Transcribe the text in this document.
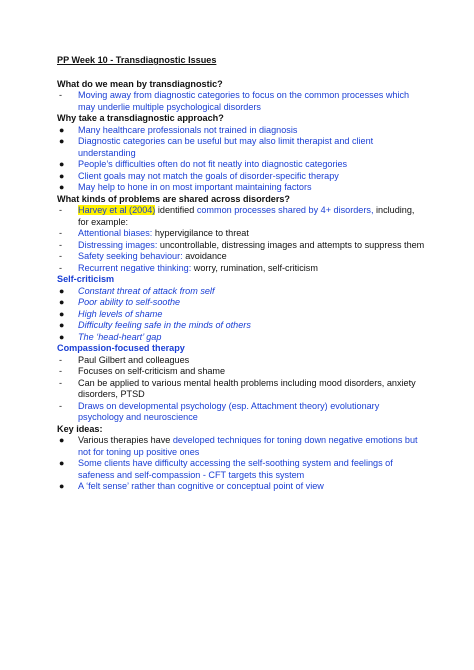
PP Week 10 - Transdiagnostic Issues
What do we mean by transdiagnostic?
-	Moving away from diagnostic categories to focus on the common processes which may underlie multiple psychological disorders
Why take a transdiagnostic approach?
●	Many healthcare professionals not trained in diagnosis
●	Diagnostic categories can be useful but may also limit therapist and client understanding
●	People’s difficulties often do not fit neatly into diagnostic categories
●	Client goals may not match the goals of disorder-specific therapy
●	May help to hone in on most important maintaining factors
What kinds of problems are shared across disorders?
-	Harvey et al (2004) identified common processes shared by 4+ disorders, including, for example:
-	Attentional biases: hypervigilance to threat
-	Distressing images: uncontrollable, distressing images and attempts to suppress them
-	Safety seeking behaviour: avoidance
-	Recurrent negative thinking: worry, rumination, self-criticism
Self-criticism
●	Constant threat of attack from self
●	Poor ability to self-soothe
●	High levels of shame
●	Difficulty feeling safe in the minds of others
●	The ‘head-heart’ gap
Compassion-focused therapy
-	Paul Gilbert and colleagues
-	Focuses on self-criticism and shame
-	Can be applied to various mental health problems including mood disorders, anxiety disorders, PTSD
-	Draws on developmental psychology (esp. Attachment theory) evolutionary psychology and neuroscience
Key ideas:
●	Various therapies have developed techniques for toning down negative emotions but not for toning up positive ones
●	Some clients have difficulty accessing the self-soothing system and feelings of safeness and self-compassion - CFT targets this system
●	A ‘felt sense’ rather than cognitive or conceptual point of view
